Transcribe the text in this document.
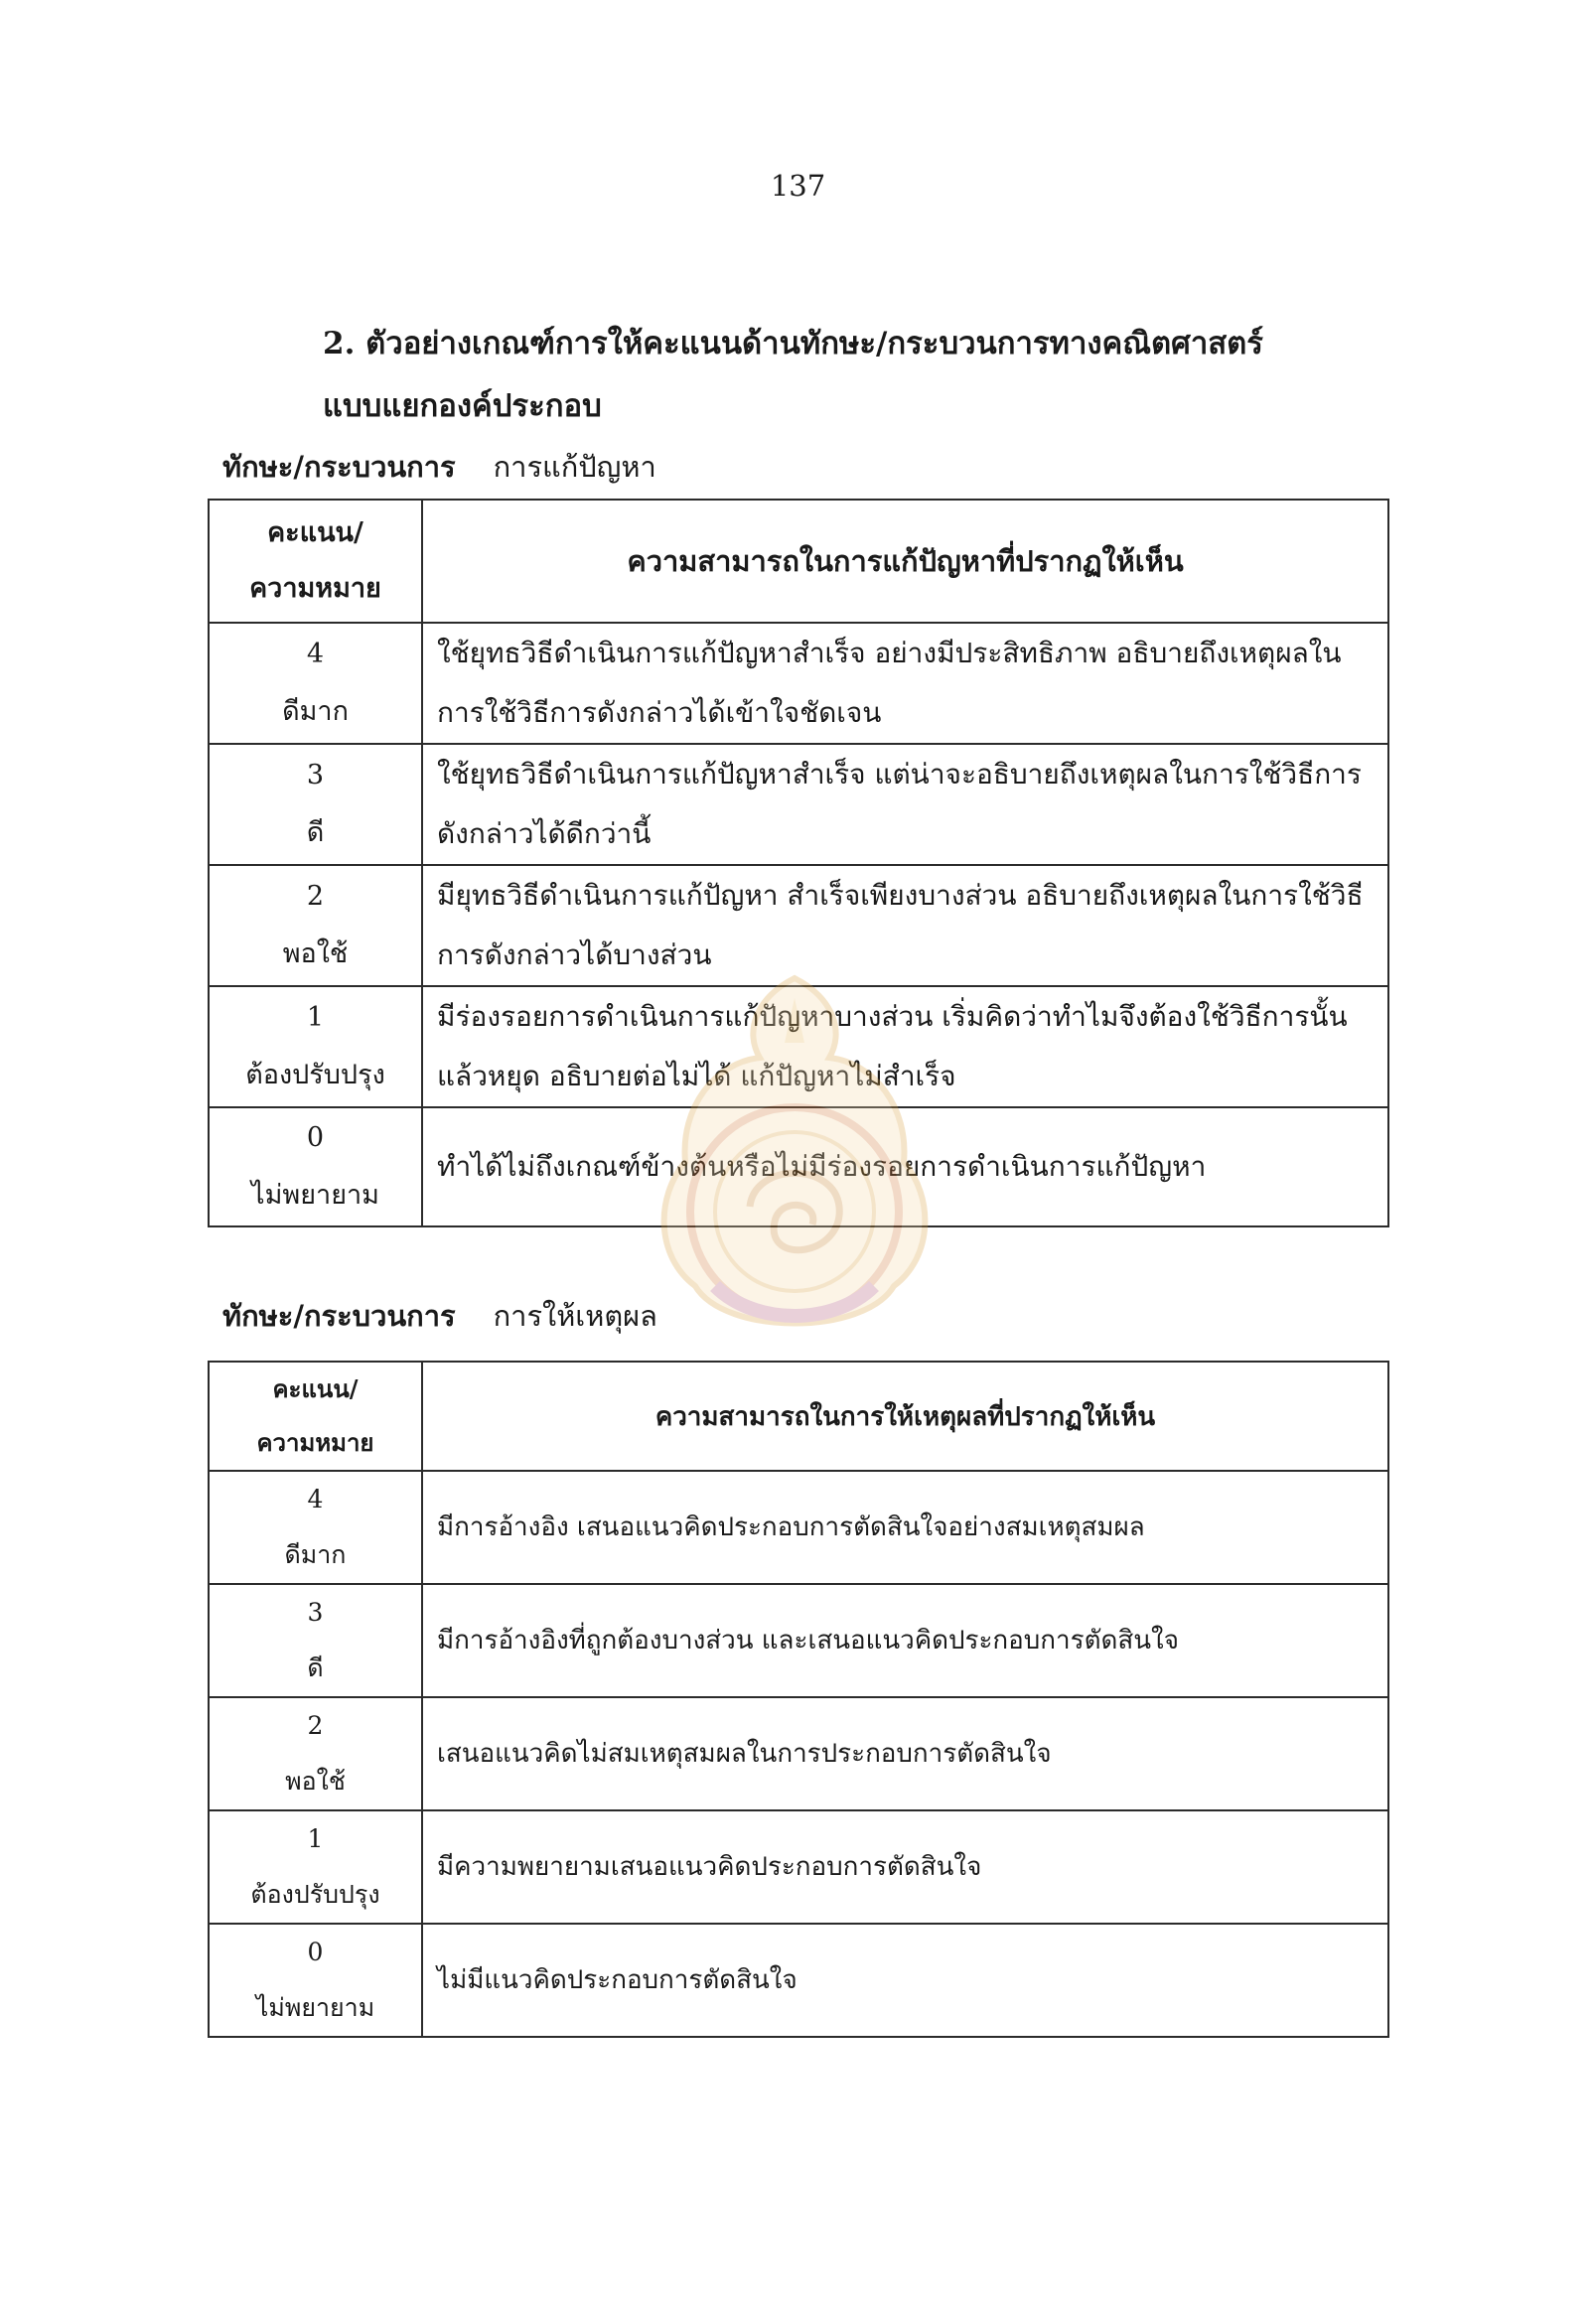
137
2. ตัวอย่างเกณฑ์การให้คะแนนด้านทักษะ/กระบวนการทางคณิตศาสตร์
แบบแยกองค์ประกอบ
ทักษะ/กระบวนการ การแก้ปัญหา
คะแนน/
ความหมาย	ความสามารถในการแก้ปัญหาที่ปรากฏให้เห็น

4
ดีมาก	ใช้ยุทธวิธีดำเนินการแก้ปัญหาสำเร็จ อย่างมีประสิทธิภาพ อธิบายถึงเหตุผลในการใช้วิธีการดังกล่าวได้เข้าใจชัดเจน

3
ดี	ใช้ยุทธวิธีดำเนินการแก้ปัญหาสำเร็จ แต่น่าจะอธิบายถึงเหตุผลในการใช้วิธีการดังกล่าวได้ดีกว่านี้

2
พอใช้	มียุทธวิธีดำเนินการแก้ปัญหา สำเร็จเพียงบางส่วน อธิบายถึงเหตุผลในการใช้วิธีการดังกล่าวได้บางส่วน

1
ต้องปรับปรุง	มีร่องรอยการดำเนินการแก้ปัญหาบางส่วน เริ่มคิดว่าทำไมจึงต้องใช้วิธีการนั้นแล้วหยุด อธิบายต่อไม่ได้ แก้ปัญหาไม่สำเร็จ

0
ไม่พยายาม	ทำได้ไม่ถึงเกณฑ์ข้างต้นหรือไม่มีร่องรอยการดำเนินการแก้ปัญหา
ทักษะ/กระบวนการ การให้เหตุผล
คะแนน/
ความหมาย	ความสามารถในการให้เหตุผลที่ปรากฏให้เห็น

4
ดีมาก	มีการอ้างอิง เสนอแนวคิดประกอบการตัดสินใจอย่างสมเหตุสมผล

3
ดี	มีการอ้างอิงที่ถูกต้องบางส่วน และเสนอแนวคิดประกอบการตัดสินใจ

2
พอใช้	เสนอแนวคิดไม่สมเหตุสมผลในการประกอบการตัดสินใจ

1
ต้องปรับปรุง	มีความพยายามเสนอแนวคิดประกอบการตัดสินใจ

0
ไม่พยายาม	ไม่มีแนวคิดประกอบการตัดสินใจ
